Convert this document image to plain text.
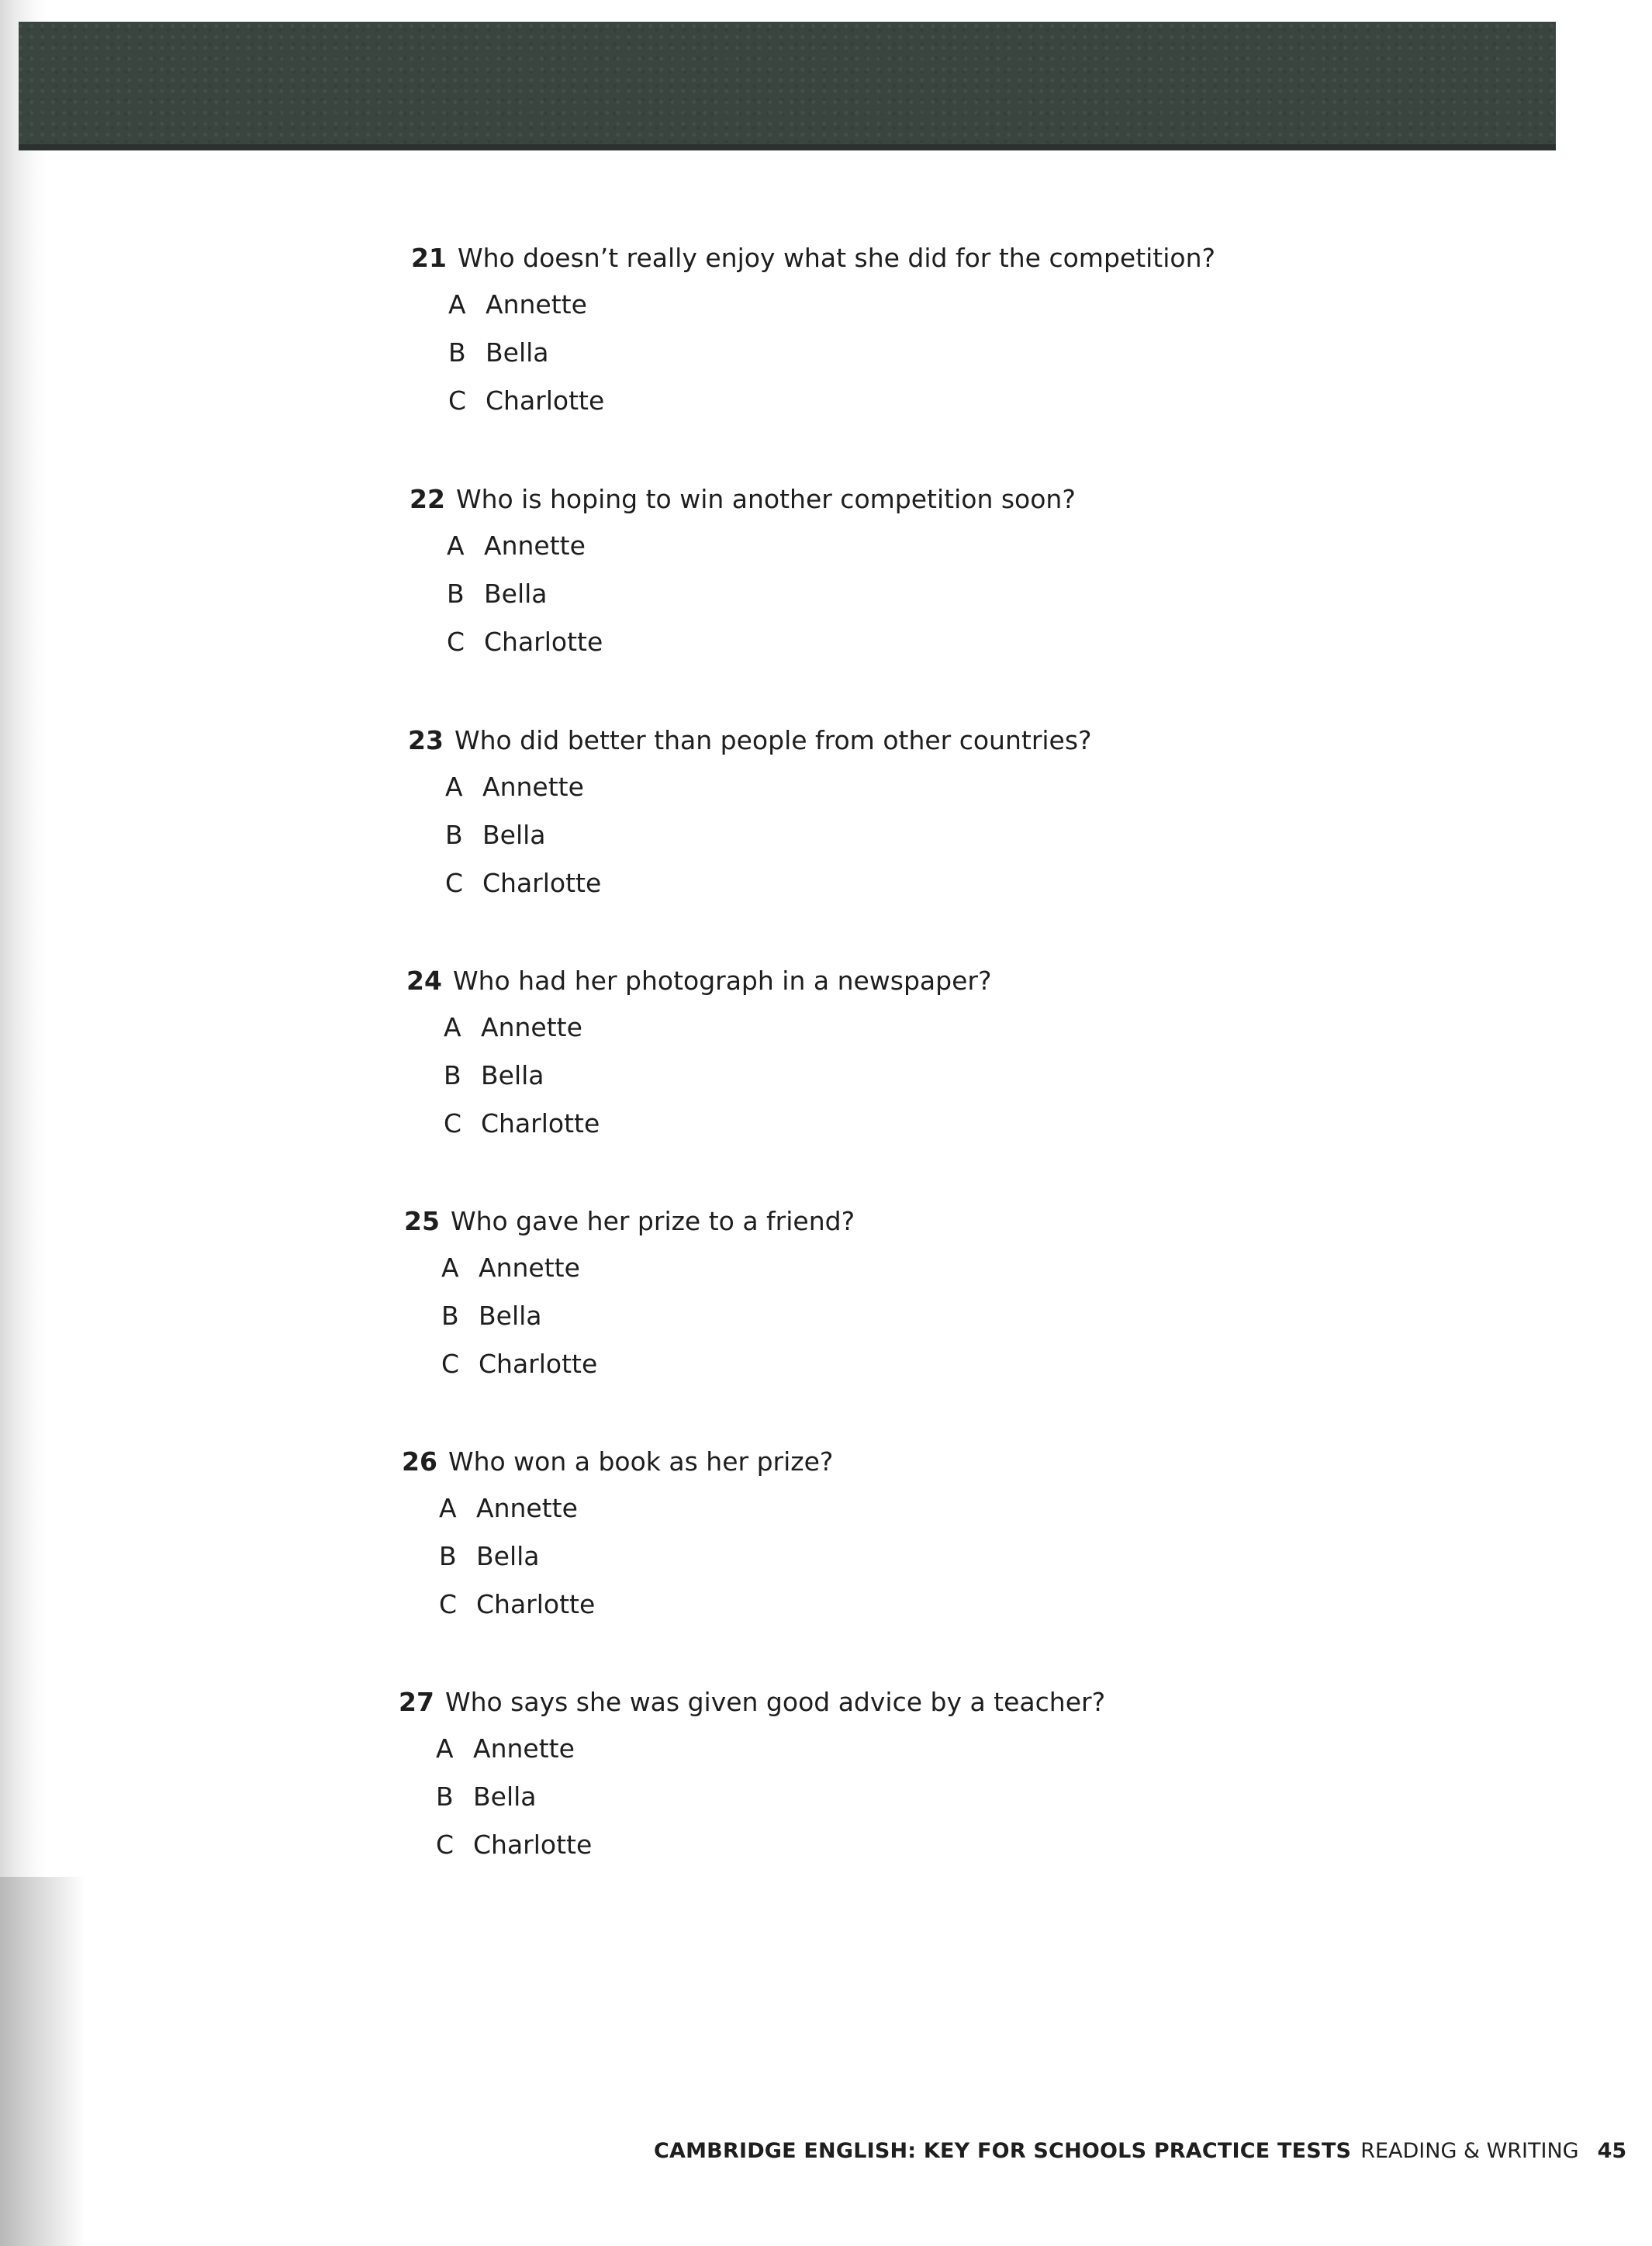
21 Who doesn’t really enjoy what she did for the competition?
A Annette
B Bella
C Charlotte
22 Who is hoping to win another competition soon?
A Annette
B Bella
C Charlotte
23 Who did better than people from other countries?
A Annette
B Bella
C Charlotte
24 Who had her photograph in a newspaper?
A Annette
B Bella
C Charlotte
25 Who gave her prize to a friend?
A Annette
B Bella
C Charlotte
26 Who won a book as her prize?
A Annette
B Bella
C Charlotte
27 Who says she was given good advice by a teacher?
A Annette
B Bella
C Charlotte
CAMBRIDGE ENGLISH: KEY FOR SCHOOLS PRACTICE TESTS READING & WRITING 45
